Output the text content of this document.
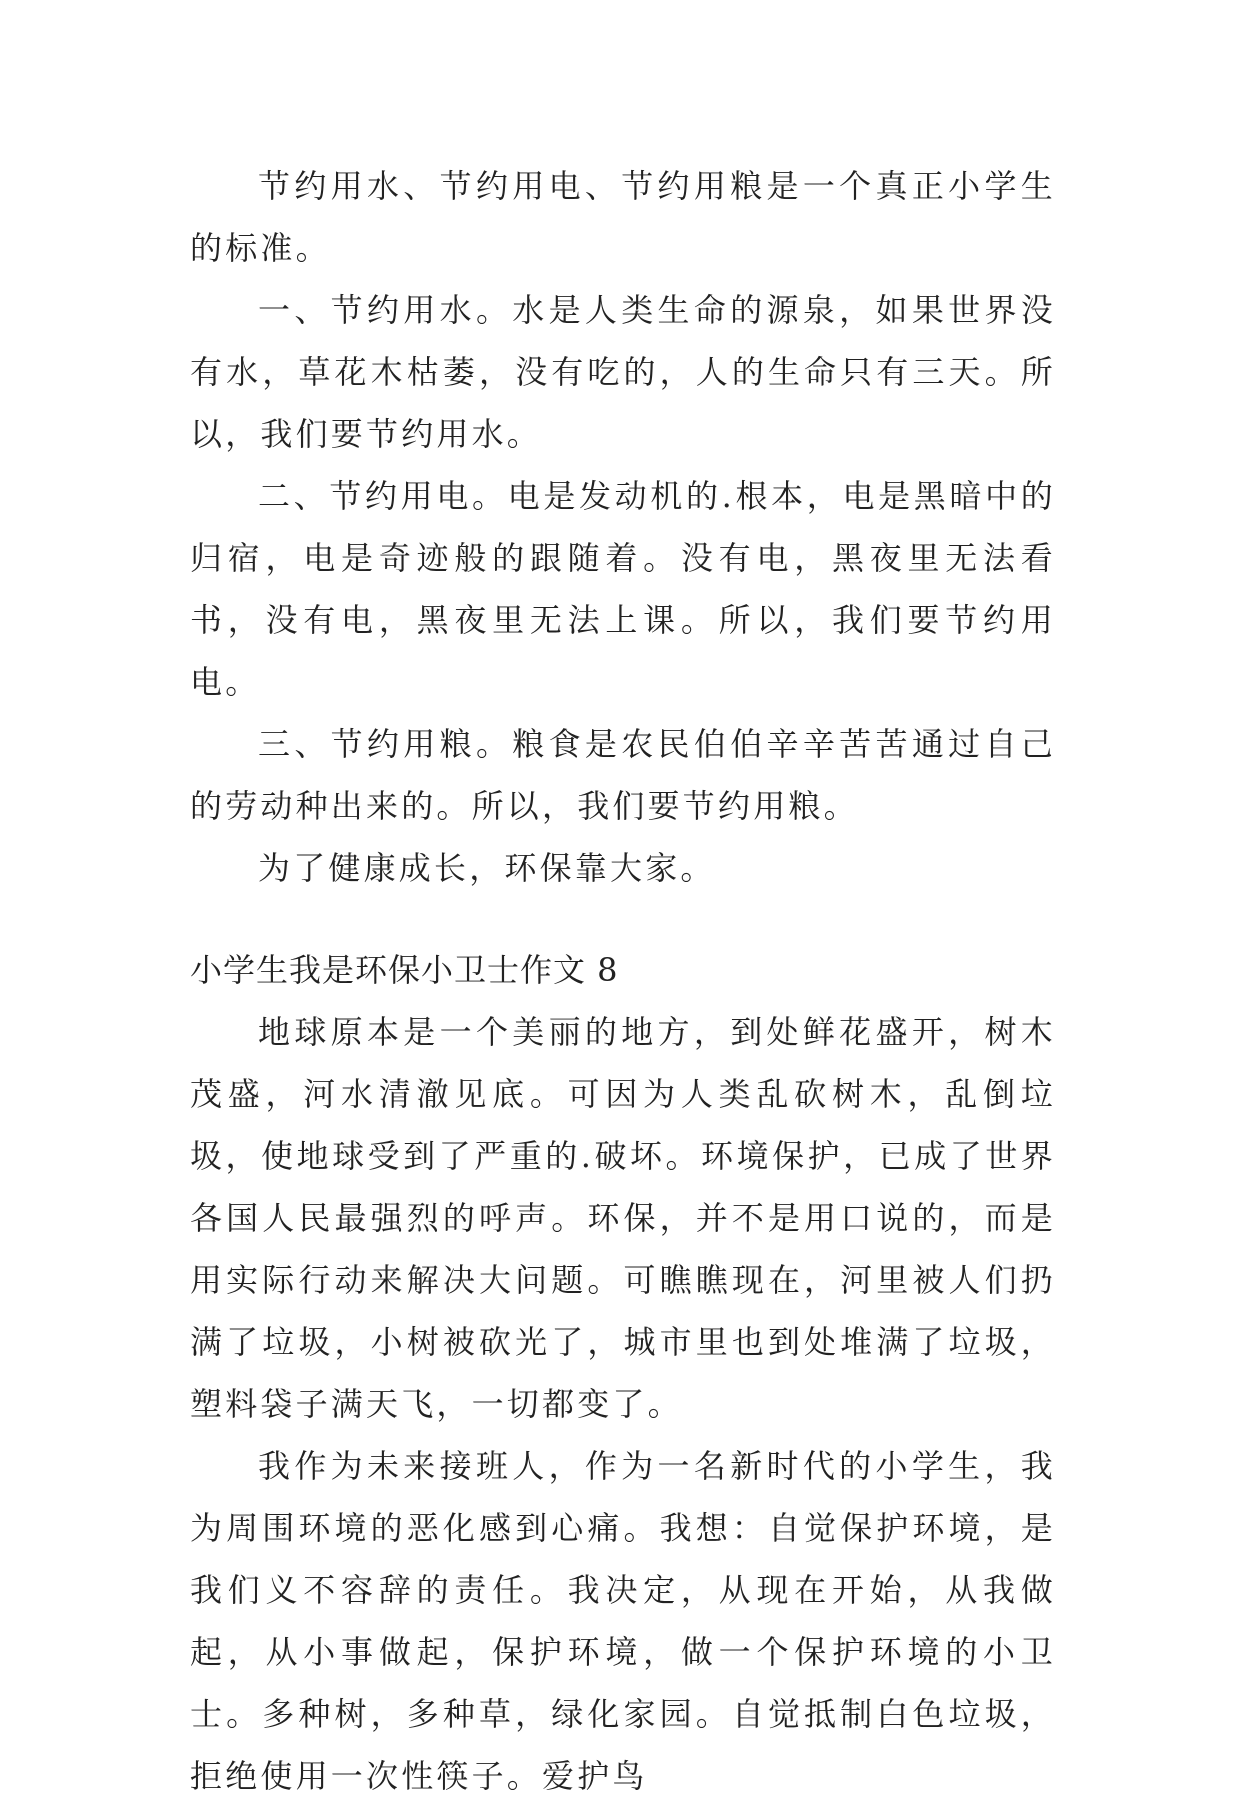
节约用水、节约用电、节约用粮是一个真正小学生的标准。

一、节约用水。水是人类生命的源泉，如果世界没有水，草花木枯萎，没有吃的，人的生命只有三天。所以，我们要节约用水。

二、节约用电。电是发动机的.根本，电是黑暗中的归宿，电是奇迹般的跟随着。没有电，黑夜里无法看书，没有电，黑夜里无法上课。所以，我们要节约用电。

三、节约用粮。粮食是农民伯伯辛辛苦苦通过自己的劳动种出来的。所以，我们要节约用粮。

为了健康成长，环保靠大家。

小学生我是环保小卫士作文 8

地球原本是一个美丽的地方，到处鲜花盛开，树木茂盛，河水清澈见底。可因为人类乱砍树木，乱倒垃圾，使地球受到了严重的.破坏。环境保护，已成了世界各国人民最强烈的呼声。环保，并不是用口说的，而是用实际行动来解决大问题。可瞧瞧现在，河里被人们扔满了垃圾，小树被砍光了，城市里也到处堆满了垃圾，塑料袋子满天飞，一切都变了。

我作为未来接班人，作为一名新时代的小学生，我为周围环境的恶化感到心痛。我想：自觉保护环境，是我们义不容辞的责任。我决定，从现在开始，从我做起，从小事做起，保护环境，做一个保护环境的小卫士。多种树，多种草，绿化家园。自觉抵制白色垃圾，拒绝使用一次性筷子。爱护鸟
